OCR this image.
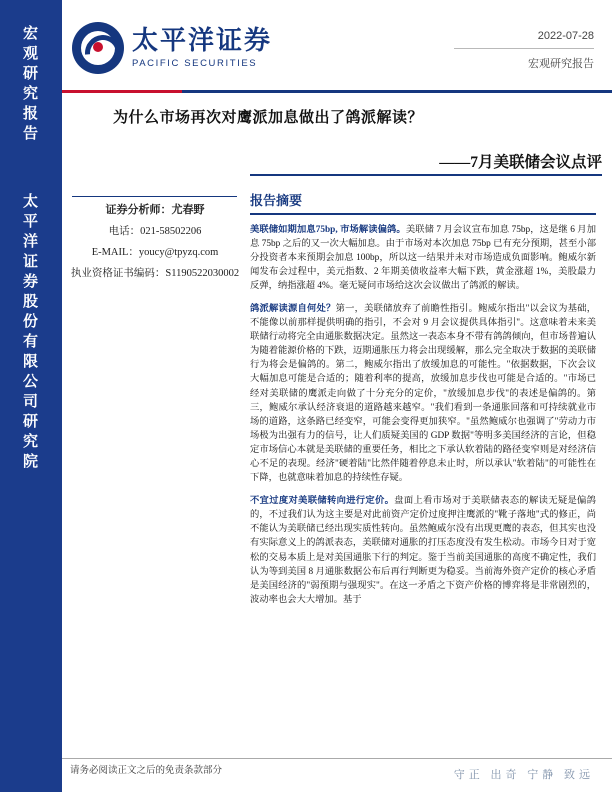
宏
观
研
究
报
告
太
平
洋
证
券
股
份
有
限
公
司
研
究
院
太平洋证券
PACIFIC SECURITIES
2022-07-28
宏观研究报告
为什么市场再次对鹰派加息做出了鸽派解读？
——7月美联储会议点评
证券分析师：尤春野
电话：021-58502206
E-MAIL：youcy@tpyzq.com
执业资格证书编码：S1190522030002
报告摘要
美联储如期加息75bp, 市场解读偏鸽。美联储 7 月会议宣布加息 75bp，这是继 6 月加息 75bp 之后的又一次大幅加息。由于市场对本次加息 75bp 已有充分预期，甚至小部分投资者本来预期会加息 100bp，所以这一结果并未对市场造成负面影响。鲍威尔新闻发布会过程中，美元指数、2 年期美债收益率大幅下跌，黄金涨超 1%，美股最力反弹，纳指涨超 4%。毫无疑问市场给这次会议做出了鸽派的解读。
鸽派解读源自何处？第一，美联储放弃了前瞻性指引。鲍威尔指出"以会议为基础，不能像以前那样提供明确的指引，不会对 9 月会议提供具体指引"。这意味着未来美联储行动将完全由通胀数据决定。虽然这一表态本身不带有鸽鸽倾向，但市场普遍认为随着能源价格的下跌，迈期通胀压力将会出现缓解，那么完全取决于数据的美联储行为将会是偏鸽的。第二，鲍威尔指出了放缓加息的可能性。"依据数据，下次会议大幅加息可能是合适的；随着利率的提高，放缓加息步伐也可能是合适的。"市场已经对美联储的鹰派走向做了十分充分的定价，"放缓加息步伐"的表述是偏鸽的。第三，鲍威尔承认经济衰退的道路越来越窄。"我们看到一条通胀回落和可持续就业市场的道路，这条路已经变窄，可能会变得更加狭窄。"虽然鲍威尔也强调了"劳动力市场极为出强有力的信号，让人们质疑美国的 GDP 数据"等明多美国经济的言论，但稳定市场信心本就是美联储的重要任务，相比之下承认软着陆的路径变窄则是对经济信心不足的表现。经济"硬着陆"比然伴随着停息未止时，所以承认"软着陆"的可能性在下降，也就意味着加息的持续性存疑。
不宜过度对美联储转向进行定价。盘面上看市场对于美联储表态的解读无疑是偏鸽的，不过我们认为这主要是对此前资产定价过度押注鹰派的"靴子落地"式的修正，尚不能认为美联储已经出现实质性转向。虽然鲍威尔没有出现更鹰的表态，但其实也没有实际意义上的鸽派表态，美联储对通胀的打压态度没有发生松动。市场今日对于宽松的交易本质上是对美国通胀下行的判定。鉴于当前美国通胀的高度不确定性，我们认为等到美国 8 月通胀数据公布后再行判断更为稳妥。当前海外资产定价的核心矛盾是美国经济的"弱预期与强现实"。在这一矛盾之下资产价格的博弈将是非常剧烈的，波动率也会大大增加。基于
请务必阅读正文之后的免责条款部分	守正 出奇 宁静 致远
